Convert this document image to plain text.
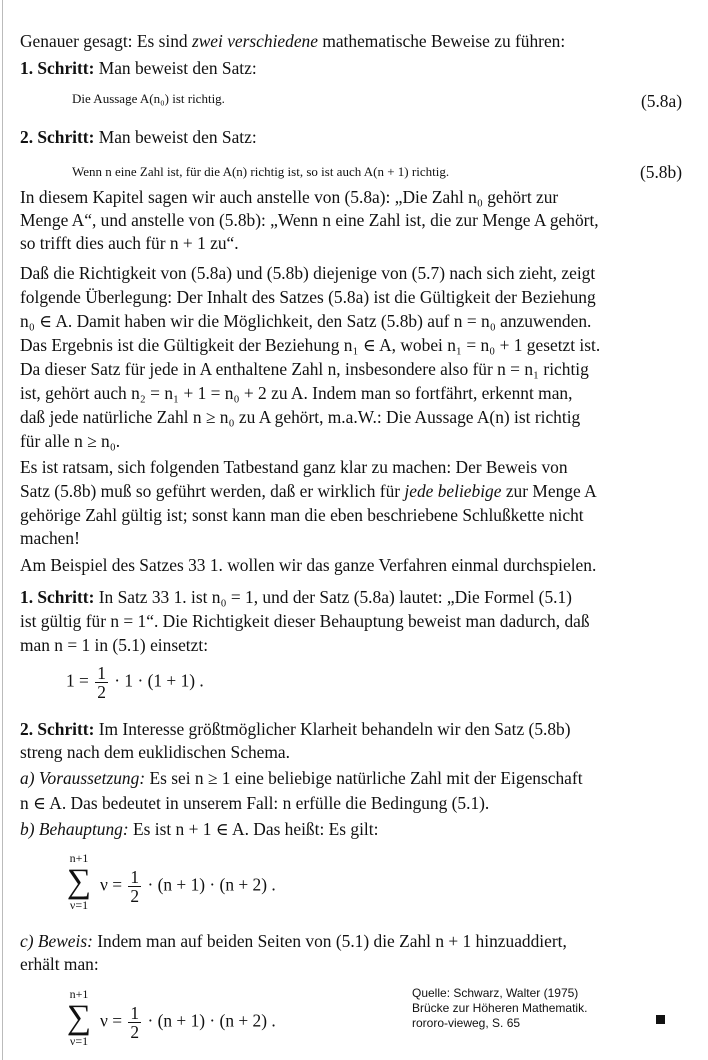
Genauer gesagt: Es sind zwei verschiedene mathematische Beweise zu führen:
1. Schritt: Man beweist den Satz:
Die Aussage A(n₀) ist richtig.	(5.8a)
2. Schritt: Man beweist den Satz:
Wenn n eine Zahl ist, für die A(n) richtig ist, so ist auch A(n + 1) richtig.	(5.8b)
In diesem Kapitel sagen wir auch anstelle von (5.8a): „Die Zahl n₀ gehört zur
Menge A“, und anstelle von (5.8b): „Wenn n eine Zahl ist, die zur Menge A gehört,
so trifft dies auch für n + 1 zu“.
Daß die Richtigkeit von (5.8a) und (5.8b) diejenige von (5.7) nach sich zieht, zeigt
folgende Überlegung: Der Inhalt des Satzes (5.8a) ist die Gültigkeit der Beziehung
n₀ ∈ A. Damit haben wir die Möglichkeit, den Satz (5.8b) auf n = n₀ anzuwenden.
Das Ergebnis ist die Gültigkeit der Beziehung n₁ ∈ A, wobei n₁ = n₀ + 1 gesetzt ist.
Da dieser Satz für jede in A enthaltene Zahl n, insbesondere also für n = n₁ richtig
ist, gehört auch n₂ = n₁ + 1 = n₀ + 2 zu A. Indem man so fortfährt, erkennt man,
daß jede natürliche Zahl n ≥ n₀ zu A gehört, m.a.W.: Die Aussage A(n) ist richtig
für alle n ≥ n₀.
Es ist ratsam, sich folgenden Tatbestand ganz klar zu machen: Der Beweis von
Satz (5.8b) muß so geführt werden, daß er wirklich für jede beliebige zur Menge A
gehörige Zahl gültig ist; sonst kann man die eben beschriebene Schlußkette nicht
machen!
Am Beispiel des Satzes 33 1. wollen wir das ganze Verfahren einmal durchspielen.
1. Schritt: In Satz 33 1. ist n₀ = 1, und der Satz (5.8a) lautet: „Die Formel (5.1)
ist gültig für n = 1“. Die Richtigkeit dieser Behauptung beweist man dadurch, daß
man n = 1 in (5.1) einsetzt:
$1 = \frac{1}{2} \cdot 1 \cdot (1 + 1)$ .
2. Schritt: Im Interesse größtmöglicher Klarheit behandeln wir den Satz (5.8b)
streng nach dem euklidischen Schema.
a) Voraussetzung: Es sei n ≥ 1 eine beliebige natürliche Zahl mit der Eigenschaft
n ∈ A. Das bedeutet in unserem Fall: n erfülle die Bedingung (5.1).
b) Behauptung: Es ist n + 1 ∈ A. Das heißt: Es gilt:
n+1
∑
ν=1
$\nu = \frac{1}{2} \cdot (n + 1) \cdot (n + 2)$ .
c) Beweis: Indem man auf beiden Seiten von (5.1) die Zahl n + 1 hinzuaddiert,
erhält man:
n+1
∑
ν=1
$\nu = \frac{1}{2} \cdot (n + 1) \cdot (n + 2)$ .
Quelle: Schwarz, Walter (1975)
Brücke zur Höheren Mathematik.
rororo-vieweg, S. 65
